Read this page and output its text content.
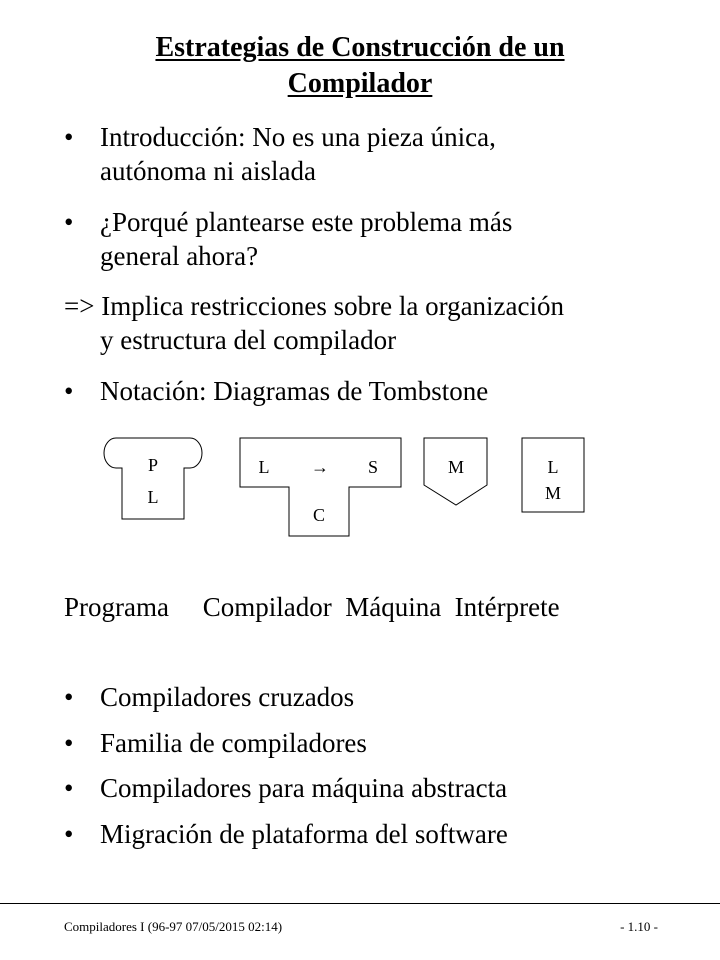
Estrategias de Construcción de un
Compilador
• Introducción: No es una pieza única,
autónoma ni aislada
• ¿Porqué plantearse este problema más
general ahora?
=> Implica restricciones sobre la organización
y estructura del compilador
• Notación: Diagramas de Tombstone
P
L
L → S
C
M	L
M
Programa     Compilador  Máquina  Intérprete
• Compiladores cruzados
• Familia de compiladores
• Compiladores para máquina abstracta
• Migración de plataforma del software
Compiladores I (96-97 07/05/2015 02:14)	- 1.10 -
